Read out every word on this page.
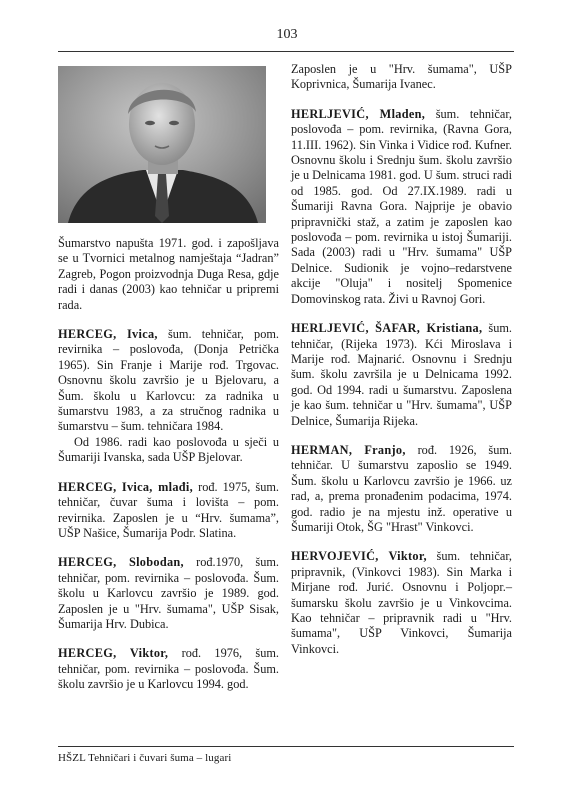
103

Šumarstvo napušta 1971. god. i zapošljava se u Tvornici metalnog namještaja “Jadran” Zagreb, Pogon proizvodnja Duga Resa, gdje radi i danas (2003) kao tehničar u pripremi rada.

HERCEG, Ivica, šum. tehničar, pom. revirnika – poslovođa, (Donja Petrička 1965). Sin Franje i Marije rođ. Trgovac. Osnovnu školu završio je u Bjelovaru, a Šum. školu u Karlovcu: za radnika u šumarstvu 1983, a za stručnog radnika u šumarstvu – šum. tehničara 1984.

Od 1986. radi kao poslovođa u sječi u Šumariji Ivanska, sada UŠP Bjelovar.

HERCEG, Ivica, mlađi, rođ. 1975, šum. tehničar, čuvar šuma i lovišta – pom. revirnika. Zaposlen je u “Hrv. šumama”, UŠP Našice, Šumarija Podr. Slatina.

HERCEG, Slobodan, rođ.1970, šum. tehničar, pom. revirnika – poslovođa. Šum. školu u Karlovcu završio je 1989. god. Zaposlen je u "Hrv. šumama", UŠP Sisak, Šumarija Hrv. Dubica.

HERCEG, Viktor, rođ. 1976, šum. tehničar, pom. revirnika – poslovođa. Šum. školu završio je u Karlovcu 1994. god.

Zaposlen je u "Hrv. šumama", UŠP Koprivnica, Šumarija Ivanec.

HERLJEVIĆ, Mladen, šum. tehničar, poslovođa – pom. revirnika, (Ravna Gora, 11.III. 1962). Sin Vinka i Vidice rođ. Kufner. Osnovnu školu i Srednju šum. školu završio je u Delnicama 1981. god. U šum. struci radi od 1985. god. Od 27.IX.1989. radi u Šumariji Ravna Gora. Najprije je obavio pripravnički staž, a zatim je zaposlen kao poslovođa – pom. revirnika u istoj Šumariji. Sada (2003) radi u "Hrv. šumama" UŠP Delnice. Sudionik je vojno–redarstvene akcije "Oluja" i nositelj Spomenice Domovinskog rata. Živi u Ravnoj Gori.

HERLJEVIĆ, ŠAFAR, Kristiana, šum. tehničar, (Rijeka 1973). Kći Miroslava i Marije rođ. Majnarić. Osnovnu i Srednju šum. školu završila je u Delnicama 1992. god. Od 1994. radi u šumarstvu. Zaposlena je kao šum. tehničar u "Hrv. šumama", UŠP Delnice, Šumarija Rijeka.

HERMAN, Franjo, rođ. 1926, šum. tehničar. U šumarstvu zaposlio se 1949. Šum. školu u Karlovcu završio je 1966. uz rad, a, prema pronađenim podacima, 1974. god. radio je na mjestu inž. operative u Šumariji Otok, ŠG "Hrast" Vinkovci.

HERVOJEVIĆ, Viktor, šum. tehničar, pripravnik, (Vinkovci 1983). Sin Marka i Mirjane rođ. Jurić. Osnovnu i Poljopr.– šumarsku školu završio je u Vinkovcima. Kao tehničar – pripravnik radi u "Hrv. šumama", UŠP Vinkovci, Šumarija Vinkovci.

HŠZL Tehničari i čuvari šuma – lugari
